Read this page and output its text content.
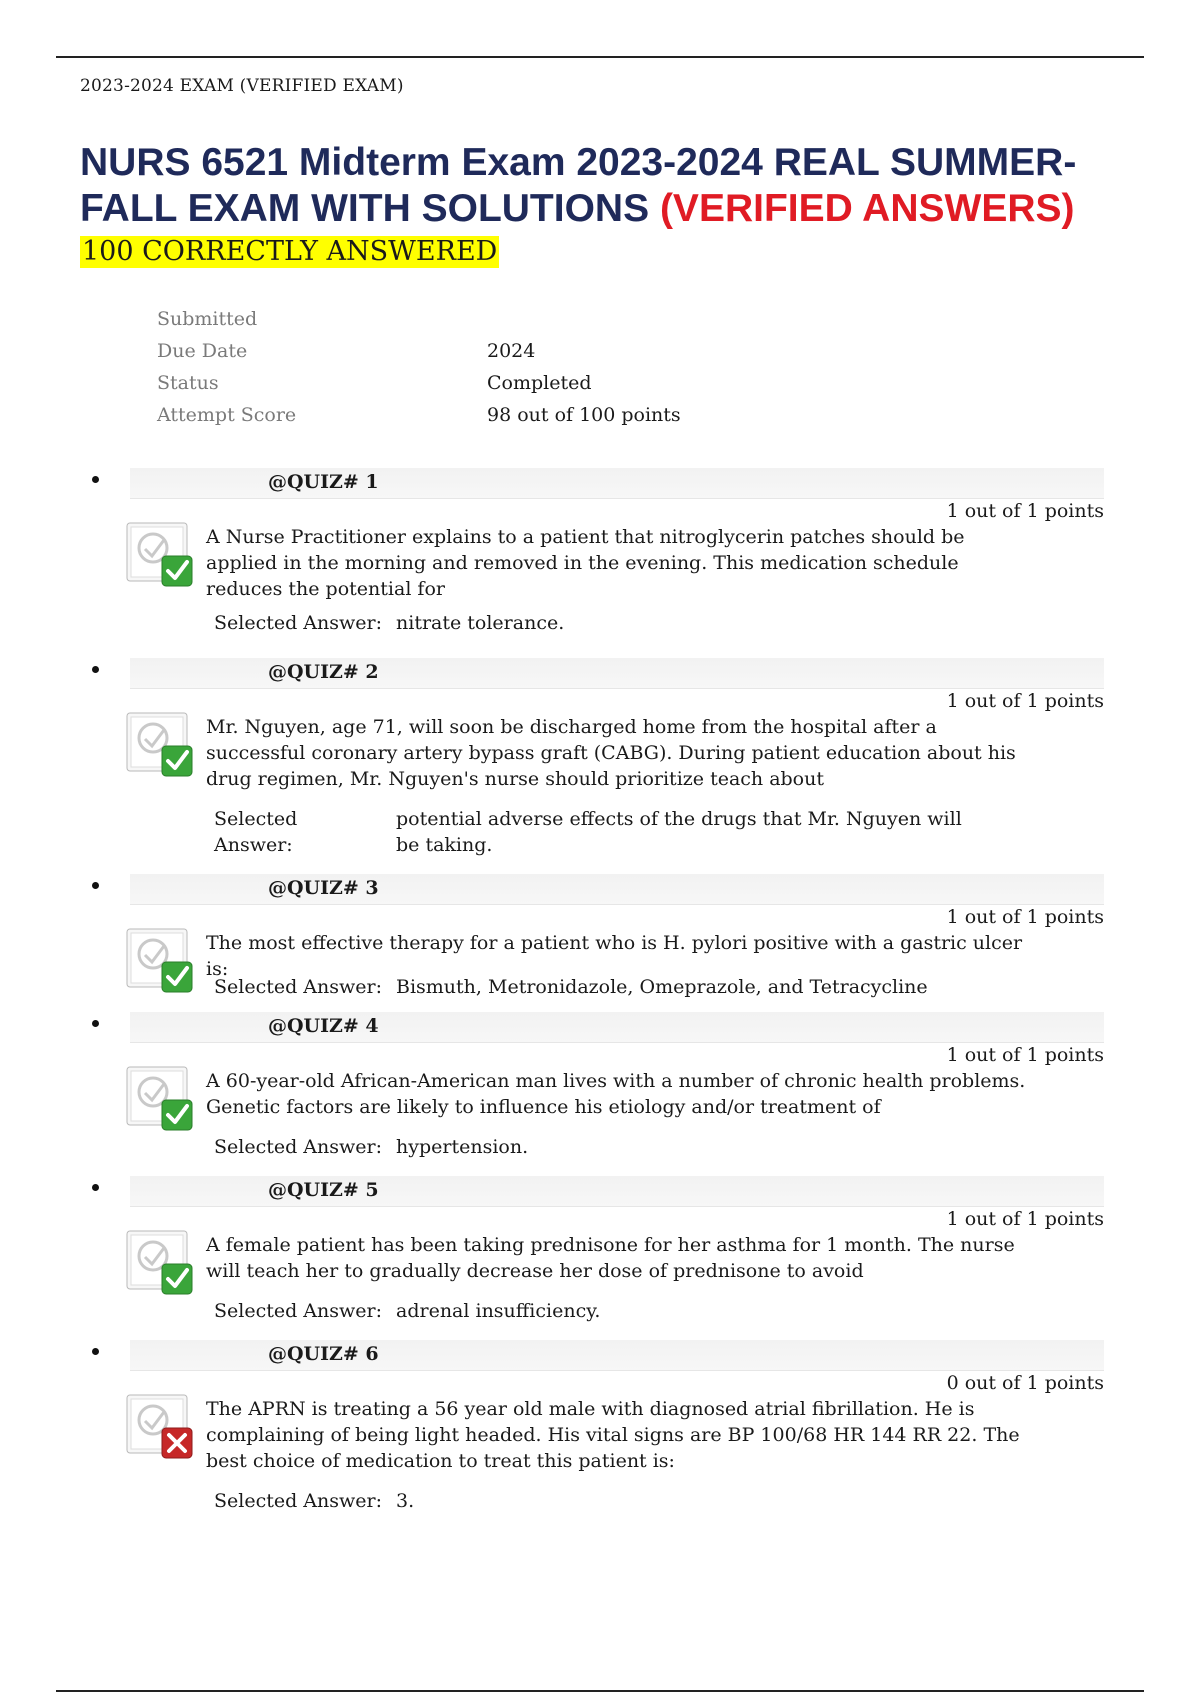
2023-2024 EXAM (VERIFIED EXAM)
NURS 6521 Midterm Exam 2023-2024 REAL SUMMER-FALL EXAM WITH SOLUTIONS (VERIFIED ANSWERS)
100 CORRECTLY ANSWERED
Submitted
Due Date	2024
Status	Completed
Attempt Score	98 out of 100 points
@QUIZ# 1
1 out of 1 points
A Nurse Practitioner explains to a patient that nitroglycerin patches should be applied in the morning and removed in the evening. This medication schedule reduces the potential for
Selected Answer: nitrate tolerance.
@QUIZ# 2
1 out of 1 points
Mr. Nguyen, age 71, will soon be discharged home from the hospital after a successful coronary artery bypass graft (CABG). During patient education about his drug regimen, Mr. Nguyen's nurse should prioritize teach about
Selected Answer:
potential adverse effects of the drugs that Mr. Nguyen will be taking.
@QUIZ# 3
1 out of 1 points
The most effective therapy for a patient who is H. pylori positive with a gastric ulcer is:
Selected Answer: Bismuth, Metronidazole, Omeprazole, and Tetracycline
@QUIZ# 4
1 out of 1 points
A 60-year-old African-American man lives with a number of chronic health problems. Genetic factors are likely to influence his etiology and/or treatment of
Selected Answer: hypertension.
@QUIZ# 5
1 out of 1 points
A female patient has been taking prednisone for her asthma for 1 month. The nurse will teach her to gradually decrease her dose of prednisone to avoid
Selected Answer: adrenal insufficiency.
@QUIZ# 6
0 out of 1 points
The APRN is treating a 56 year old male with diagnosed atrial fibrillation. He is complaining of being light headed. His vital signs are BP 100/68 HR 144 RR 22. The best choice of medication to treat this patient is:
Selected Answer: 3.
